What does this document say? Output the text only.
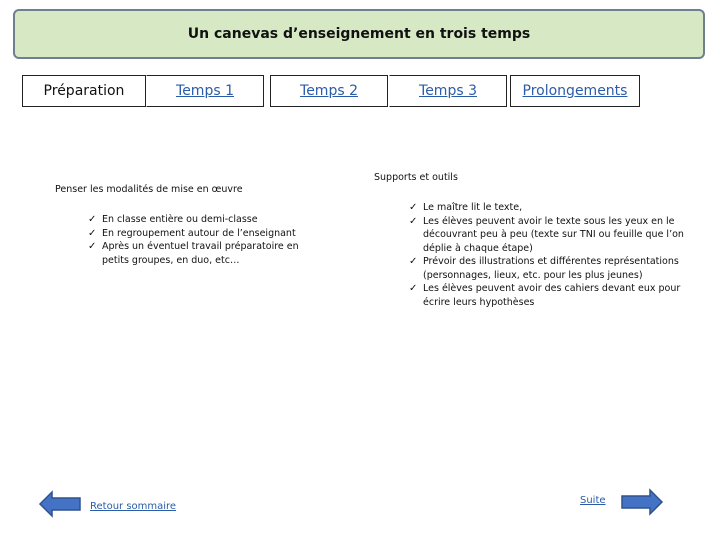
Un canevas d’enseignement en trois temps
Préparation	Temps 1	Temps 2	Temps 3	Prolongements
Penser les modalités de mise en œuvre
✓ En classe entière ou demi-classe
✓ En regroupement autour de l’enseignant
✓ Après un éventuel travail préparatoire en petits groupes, en duo, etc…
Supports et outils
✓ Le maître lit le texte,
✓ Les élèves peuvent avoir le texte sous les yeux en le découvrant peu à peu (texte sur TNI ou feuille que l’on déplie à chaque étape)
✓ Prévoir des illustrations et différentes représentations (personnages, lieux, etc. pour les plus jeunes)
✓ Les élèves peuvent avoir des cahiers devant eux pour écrire leurs hypothèses
Retour sommaire
Suite
